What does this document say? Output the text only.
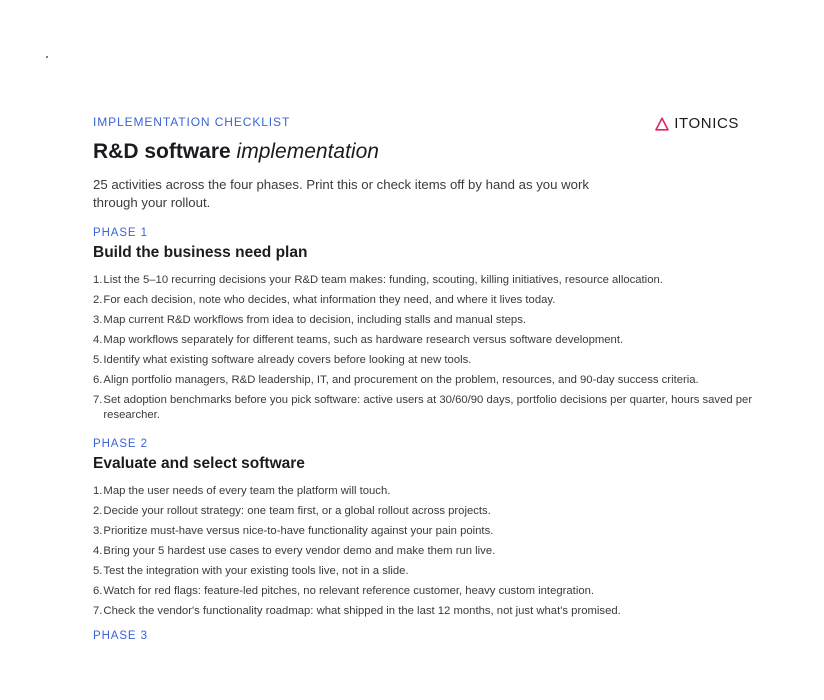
IMPLEMENTATION CHECKLIST	ITONICS
R&D software implementation

25 activities across the four phases. Print this or check items off by hand as you work through your rollout.

PHASE 1

Build the business need plan
1. List the 5–10 recurring decisions your R&D team makes: funding, scouting, killing initiatives, resource allocation.
2. For each decision, note who decides, what information they need, and where it lives today.
3. Map current R&D workflows from idea to decision, including stalls and manual steps.
4. Map workflows separately for different teams, such as hardware research versus software development.
5. Identify what existing software already covers before looking at new tools.
6. Align portfolio managers, R&D leadership, IT, and procurement on the problem, resources, and 90-day success criteria.
7. Set adoption benchmarks before you pick software: active users at 30/60/90 days, portfolio decisions per quarter, hours saved per researcher.

PHASE 2

Evaluate and select software
1. Map the user needs of every team the platform will touch.
2. Decide your rollout strategy: one team first, or a global rollout across projects.
3. Prioritize must-have versus nice-to-have functionality against your pain points.
4. Bring your 5 hardest use cases to every vendor demo and make them run live.
5. Test the integration with your existing tools live, not in a slide.
6. Watch for red flags: feature-led pitches, no relevant reference customer, heavy custom integration.
7. Check the vendor's functionality roadmap: what shipped in the last 12 months, not just what's promised.

PHASE 3
